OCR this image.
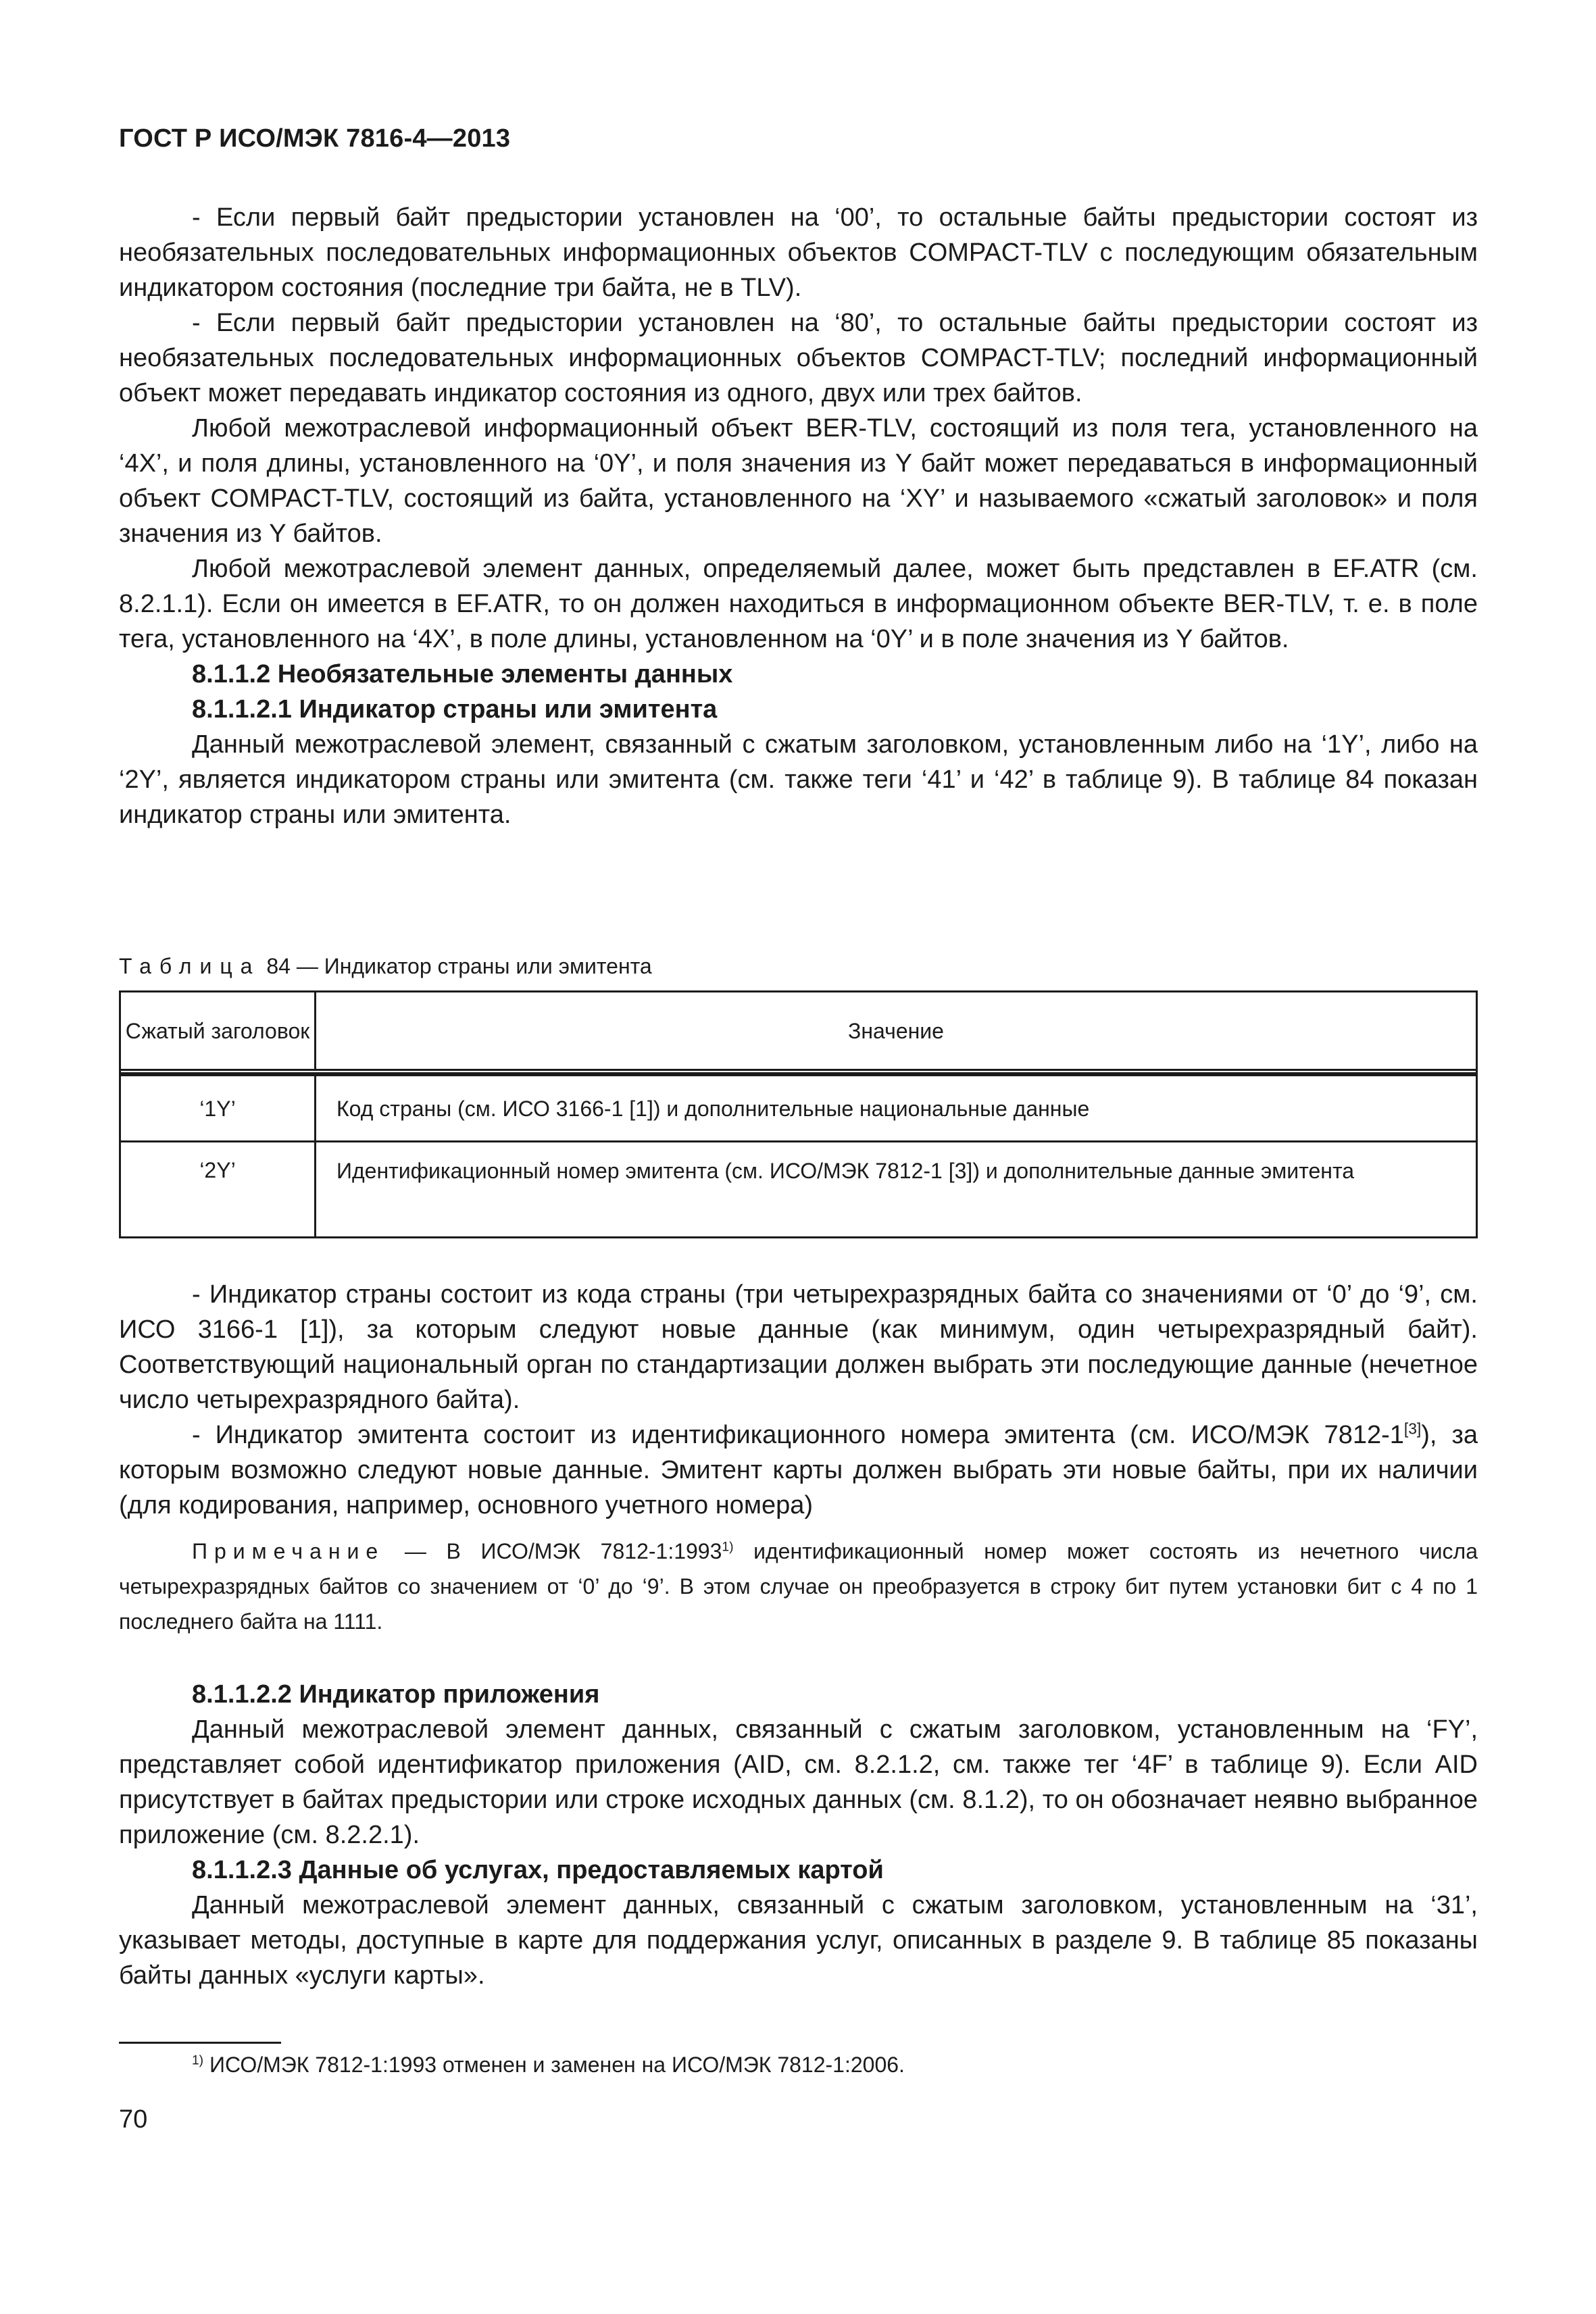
ГОСТ Р ИСО/МЭК 7816-4—2013

- Если первый байт предыстории установлен на ‘00’, то остальные байты предыстории состоят из необязательных последовательных информационных объектов COMPACT-TLV с последующим обязательным индикатором состояния (последние три байта, не в TLV).

- Если первый байт предыстории установлен на ‘80’, то остальные байты предыстории состоят из необязательных последовательных информационных объектов COMPACT-TLV; последний информационный объект может передавать индикатор состояния из одного, двух или трех байтов.

Любой межотраслевой информационный объект BER-TLV, состоящий из поля тега, установленного на ‘4X’, и поля длины, установленного на ‘0Y’, и поля значения из Y байт может передаваться в информационный объект COMPACT-TLV, состоящий из байта, установленного на ‘XY’ и называемого «сжатый заголовок» и поля значения из Y байтов.

Любой межотраслевой элемент данных, определяемый далее, может быть представлен в EF.ATR (см. 8.2.1.1). Если он имеется в EF.ATR, то он должен находиться в информационном объекте BER-TLV, т. е. в поле тега, установленного на ‘4X’, в поле длины, установленном на ‘0Y’ и в поле значения из Y байтов.

8.1.1.2 Необязательные элементы данных
8.1.1.2.1 Индикатор страны или эмитента

Данный межотраслевой элемент, связанный с сжатым заголовком, установленным либо на ‘1Y’, либо на ‘2Y’, является индикатором страны или эмитента (см. также теги ‘41’ и ‘42’ в таблице 9). В таблице 84 показан индикатор страны или эмитента.

Таблица 84 — Индикатор страны или эмитента
Сжатый заголовок	Значение
‘1Y’	Код страны (см. ИСО 3166-1 [1]) и дополнительные национальные данные
‘2Y’	Идентификационный номер эмитента (см. ИСО/МЭК 7812-1 [3]) и дополнительные данные эмитента

- Индикатор страны состоит из кода страны (три четырехразрядных байта со значениями от ‘0’ до ‘9’, см. ИСО 3166-1 [1]), за которым следуют новые данные (как минимум, один четырехразрядный байт). Соответствующий национальный орган по стандартизации должен выбрать эти последующие данные (нечетное число четырехразрядного байта).

- Индикатор эмитента состоит из идентификационного номера эмитента (см. ИСО/МЭК 7812-1[3]), за которым возможно следуют новые данные. Эмитент карты должен выбрать эти новые байты, при их наличии (для кодирования, например, основного учетного номера)

Примечание — В ИСО/МЭК 7812-1:1993$^{1)}$ идентификационный номер может состоять из нечетного числа четырехразрядных байтов со значением от ‘0’ до ‘9’. В этом случае он преобразуется в строку бит путем установки бит с 4 по 1 последнего байта на 1111.

8.1.1.2.2 Индикатор приложения

Данный межотраслевой элемент данных, связанный с сжатым заголовком, установленным на ‘FY’, представляет собой идентификатор приложения (AID, см. 8.2.1.2, см. также тег ‘4F’ в таблице 9). Если AID присутствует в байтах предыстории или строке исходных данных (см. 8.1.2), то он обозначает неявно выбранное приложение (см. 8.2.2.1).

8.1.1.2.3 Данные об услугах, предоставляемых картой

Данный межотраслевой элемент данных, связанный с сжатым заголовком, установленным на ‘31’, указывает методы, доступные в карте для поддержания услуг, описанных в разделе 9. В таблице 85 показаны байты данных «услуги карты».

$^{1)}$ ИСО/МЭК 7812-1:1993 отменен и заменен на ИСО/МЭК 7812-1:2006.
70
